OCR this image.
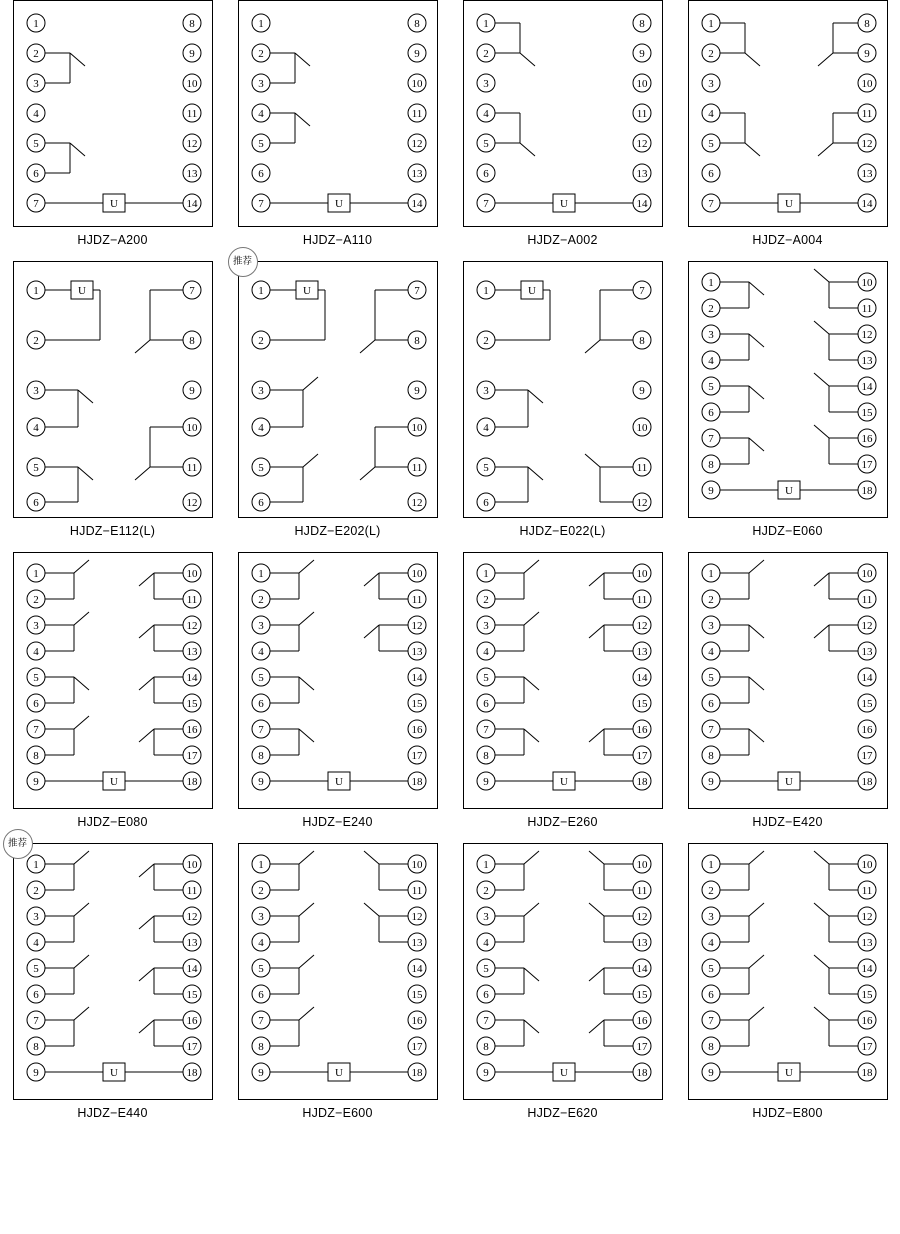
U
1
2
3
4
5
6
7
8
9
10
11
12
13
14
HJDZ−A200
U
1
2
3
4
5
6
7
8
9
10
11
12
13
14
HJDZ−A110
U
1
2
3
4
5
6
7
8
9
10
11
12
13
14
HJDZ−A002
U
1
2
3
4
5
6
7
8
9
10
11
12
13
14
HJDZ−A004
U
1
2
3
4
5
6
7
8
9
10
11
12
HJDZ−E112(L)
推荐
U
1
2
3
4
5
6
7
8
9
10
11
12
HJDZ−E202(L)
U
1
2
3
4
5
6
7
8
9
10
11
12
HJDZ−E022(L)
U
1
2
3
4
5
6
7
8
9
10
11
12
13
14
15
16
17
18
HJDZ−E060
U
1
2
3
4
5
6
7
8
9
10
11
12
13
14
15
16
17
18
HJDZ−E080
U
1
2
3
4
5
6
7
8
9
10
11
12
13
14
15
16
17
18
HJDZ−E240
U
1
2
3
4
5
6
7
8
9
10
11
12
13
14
15
16
17
18
HJDZ−E260
U
1
2
3
4
5
6
7
8
9
10
11
12
13
14
15
16
17
18
HJDZ−E420
推荐
U
1
2
3
4
5
6
7
8
9
10
11
12
13
14
15
16
17
18
HJDZ−E440
U
1
2
3
4
5
6
7
8
9
10
11
12
13
14
15
16
17
18
HJDZ−E600
U
1
2
3
4
5
6
7
8
9
10
11
12
13
14
15
16
17
18
HJDZ−E620
U
1
2
3
4
5
6
7
8
9
10
11
12
13
14
15
16
17
18
HJDZ−E800
